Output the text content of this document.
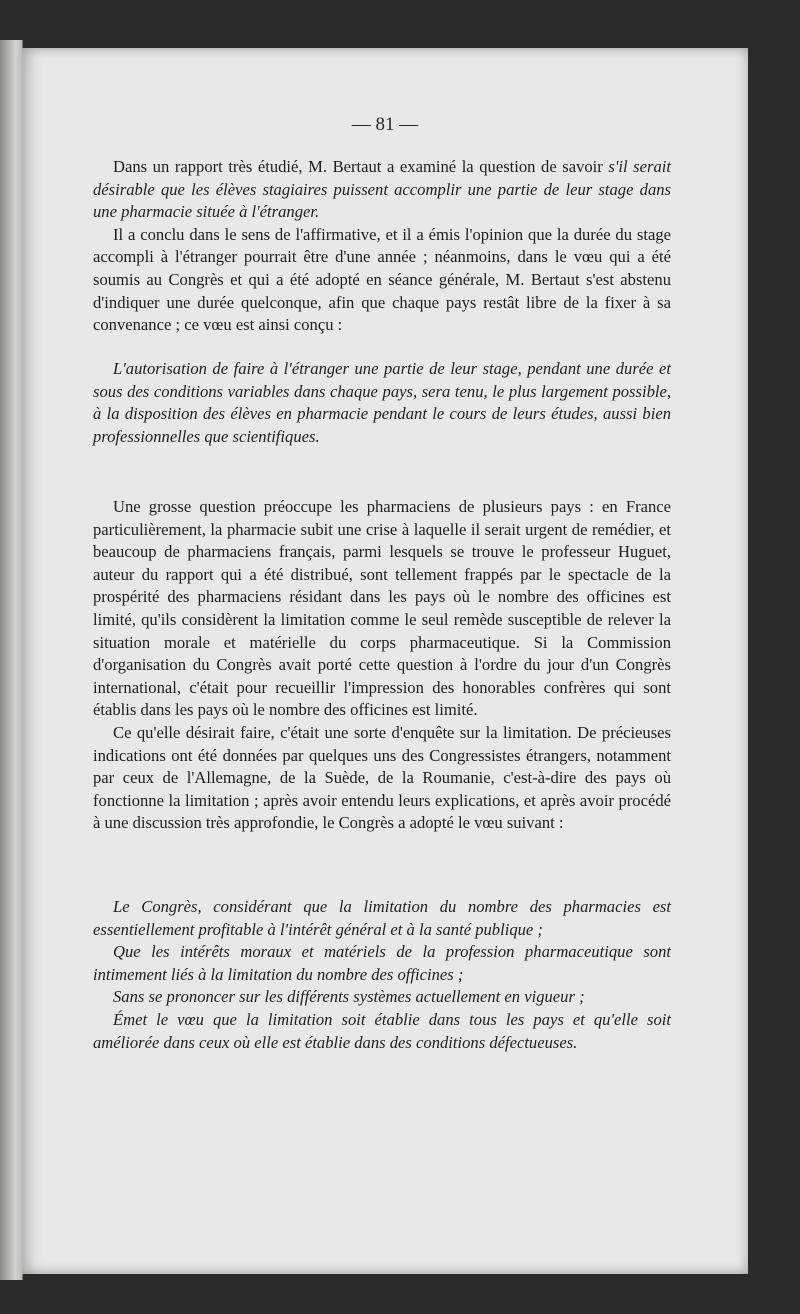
— 81 —

Dans un rapport très étudié, M. Bertaut a examiné la question de savoir s'il serait désirable que les élèves stagiaires puissent accomplir une partie de leur stage dans une pharmacie située à l'étranger.

Il a conclu dans le sens de l'affirmative, et il a émis l'opinion que la durée du stage accompli à l'étranger pourrait être d'une année ; néanmoins, dans le vœu qui a été soumis au Congrès et qui a été adopté en séance générale, M. Bertaut s'est abstenu d'indiquer une durée quelconque, afin que chaque pays restât libre de la fixer à sa convenance ; ce vœu est ainsi conçu :

L'autorisation de faire à l'étranger une partie de leur stage, pendant une durée et sous des conditions variables dans chaque pays, sera tenu, le plus largement possible, à la disposition des élèves en pharmacie pendant le cours de leurs études, aussi bien professionnelles que scientifiques.

Une grosse question préoccupe les pharmaciens de plusieurs pays : en France particulièrement, la pharmacie subit une crise à laquelle il serait urgent de remédier, et beaucoup de pharmaciens français, parmi lesquels se trouve le professeur Huguet, auteur du rapport qui a été distribué, sont tellement frappés par le spectacle de la prospérité des pharmaciens résidant dans les pays où le nombre des officines est limité, qu'ils considèrent la limitation comme le seul remède susceptible de relever la situation morale et matérielle du corps pharmaceutique. Si la Commission d'organisation du Congrès avait porté cette question à l'ordre du jour d'un Congrès international, c'était pour recueillir l'impression des honorables confrères qui sont établis dans les pays où le nombre des officines est limité.

Ce qu'elle désirait faire, c'était une sorte d'enquête sur la limitation. De précieuses indications ont été données par quelques uns des Congressistes étrangers, notamment par ceux de l'Allemagne, de la Suède, de la Roumanie, c'est-à-dire des pays où fonctionne la limitation ; après avoir entendu leurs explications, et après avoir procédé à une discussion très approfondie, le Congrès a adopté le vœu suivant :

Le Congrès, considérant que la limitation du nombre des pharmacies est essentiellement profitable à l'intérêt général et à la santé publique ;

Que les intérêts moraux et matériels de la profession pharmaceutique sont intimement liés à la limitation du nombre des officines ;

Sans se prononcer sur les différents systèmes actuellement en vigueur ;

Émet le vœu que la limitation soit établie dans tous les pays et qu'elle soit améliorée dans ceux où elle est établie dans des conditions défectueuses.
